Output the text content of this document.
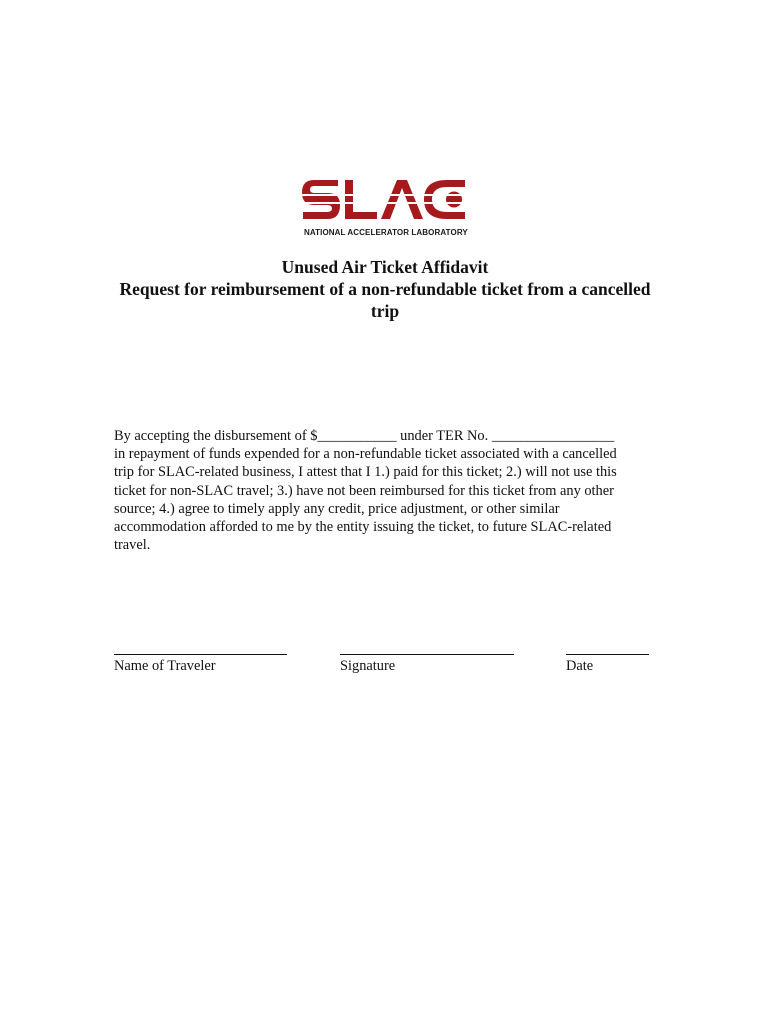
NATIONAL ACCELERATOR LABORATORY
Unused Air Ticket Affidavit
Request for reimbursement of a non-refundable ticket from a cancelled
trip
By accepting the disbursement of $___________ under TER No. _________________
in repayment of funds expended for a non-refundable ticket associated with a cancelled
trip for SLAC-related business, I attest that I 1.) paid for this ticket; 2.) will not use this
ticket for non-SLAC travel; 3.) have not been reimbursed for this ticket from any other
source; 4.) agree to timely apply any credit, price adjustment, or other similar
accommodation afforded to me by the entity issuing the ticket, to future SLAC-related
travel.
Name of Traveler	Signature	Date
